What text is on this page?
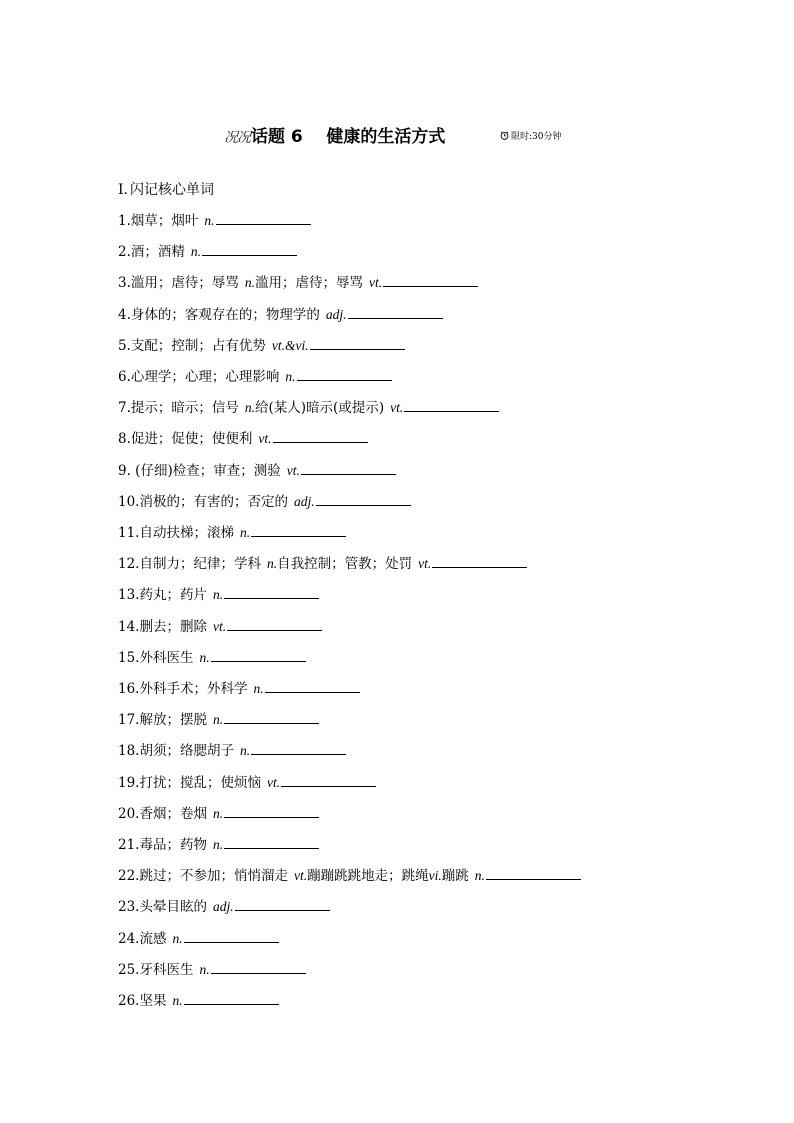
况况 话题 6    健康的生活方式	限时:30分钟
Ⅰ. 闪记核心单词
1.烟草；烟叶 n.
2.酒；酒精 n.
3.滥用；虐待；辱骂 n.滥用；虐待；辱骂 vt.
4.身体的；客观存在的；物理学的 adj.
5.支配；控制；占有优势 vt.&vi.
6.心理学；心理；心理影响 n.
7.提示；暗示；信号 n.给(某人)暗示(或提示) vt.
8.促进；促使；使便利 vt.
9. (仔细)检查；审查；测验 vt.
10.消极的；有害的；否定的 adj.
11.自动扶梯；滚梯 n.
12.自制力；纪律；学科 n.自我控制；管教；处罚 vt.
13.药丸；药片 n.
14.删去；删除 vt.
15.外科医生 n.
16.外科手术；外科学 n.
17.解放；摆脱 n.
18.胡须；络腮胡子 n.
19.打扰；搅乱；使烦恼 vt.
20.香烟；卷烟 n.
21.毒品；药物 n.
22.跳过；不参加；悄悄溜走 vt.蹦蹦跳跳地走；跳绳vi.蹦跳 n.
23.头晕目眩的 adj.
24.流感 n.
25.牙科医生 n.
26.坚果 n.
